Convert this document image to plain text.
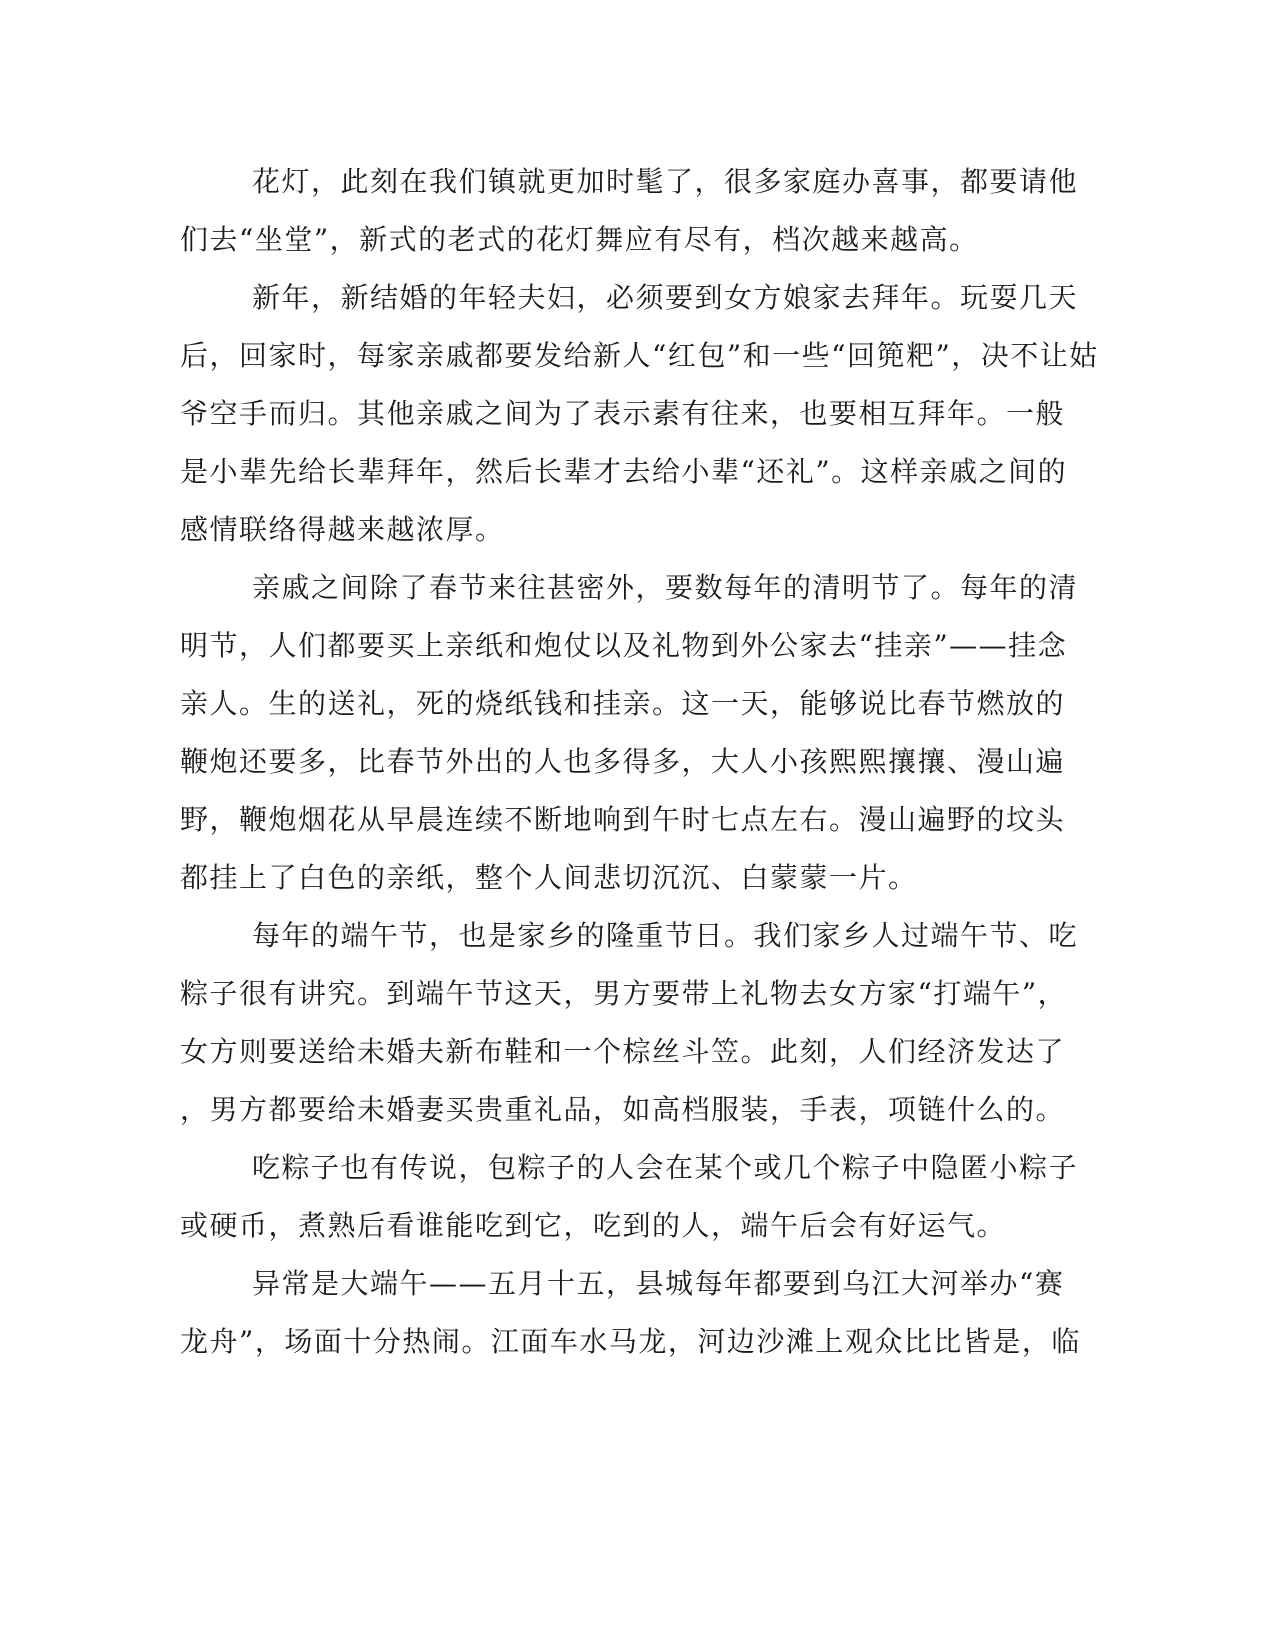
花灯，此刻在我们镇就更加时髦了，很多家庭办喜事，都要请他
们去“坐堂”，新式的老式的花灯舞应有尽有，档次越来越高。
新年，新结婚的年轻夫妇，必须要到女方娘家去拜年。玩耍几天
后，回家时，每家亲戚都要发给新人“红包”和一些“回篼粑”，决不让姑
爷空手而归。其他亲戚之间为了表示素有往来，也要相互拜年。一般
是小辈先给长辈拜年，然后长辈才去给小辈“还礼”。这样亲戚之间的
感情联络得越来越浓厚。
亲戚之间除了春节来往甚密外，要数每年的清明节了。每年的清
明节，人们都要买上亲纸和炮仗以及礼物到外公家去“挂亲”——挂念
亲人。生的送礼，死的烧纸钱和挂亲。这一天，能够说比春节燃放的
鞭炮还要多，比春节外出的人也多得多，大人小孩熙熙攘攘、漫山遍
野，鞭炮烟花从早晨连续不断地响到午时七点左右。漫山遍野的坟头
都挂上了白色的亲纸，整个人间悲切沉沉、白蒙蒙一片。
每年的端午节，也是家乡的隆重节日。我们家乡人过端午节、吃
粽子很有讲究。到端午节这天，男方要带上礼物去女方家“打端午”，
女方则要送给未婚夫新布鞋和一个棕丝斗笠。此刻，人们经济发达了
，男方都要给未婚妻买贵重礼品，如高档服装，手表，项链什么的。
吃粽子也有传说，包粽子的人会在某个或几个粽子中隐匿小粽子
或硬币，煮熟后看谁能吃到它，吃到的人，端午后会有好运气。
异常是大端午——五月十五，县城每年都要到乌江大河举办“赛
龙舟”，场面十分热闹。江面车水马龙，河边沙滩上观众比比皆是，临
